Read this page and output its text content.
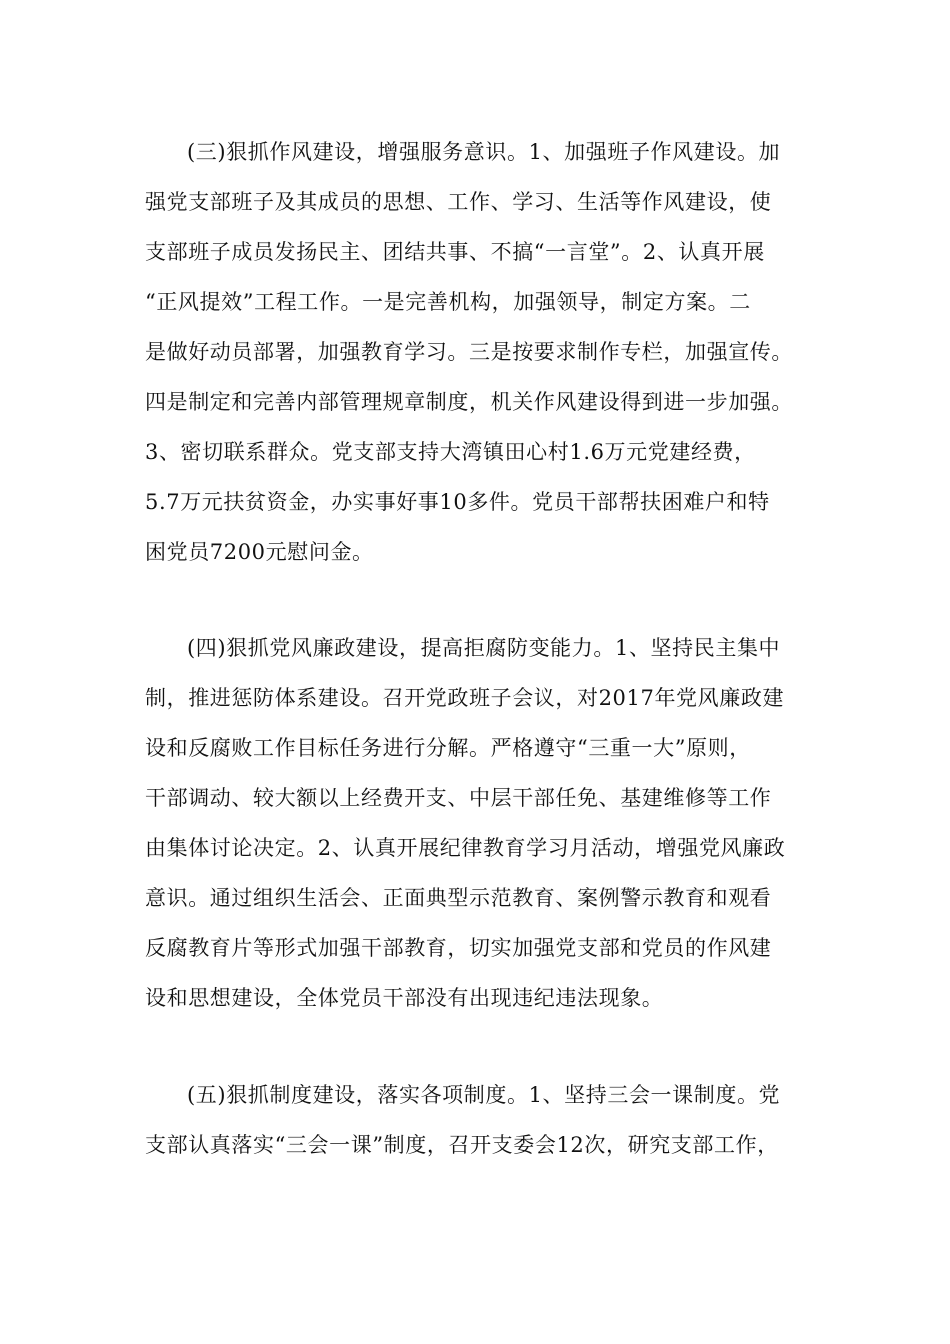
(三)狠抓作风建设，增强服务意识。1、加强班子作风建设。加
强党支部班子及其成员的思想、工作、学习、生活等作风建设，使
支部班子成员发扬民主、团结共事、不搞“一言堂”。2、认真开展
“正风提效”工程工作。一是完善机构，加强领导，制定方案。二
是做好动员部署，加强教育学习。三是按要求制作专栏，加强宣传。
四是制定和完善内部管理规章制度，机关作风建设得到进一步加强。
3、密切联系群众。党支部支持大湾镇田心村1.6万元党建经费，
5.7万元扶贫资金，办实事好事10多件。党员干部帮扶困难户和特
困党员7200元慰问金。
(四)狠抓党风廉政建设，提高拒腐防变能力。1、坚持民主集中
制，推进惩防体系建设。召开党政班子会议，对2017年党风廉政建
设和反腐败工作目标任务进行分解。严格遵守“三重一大”原则，
干部调动、较大额以上经费开支、中层干部任免、基建维修等工作
由集体讨论决定。2、认真开展纪律教育学习月活动，增强党风廉政
意识。通过组织生活会、正面典型示范教育、案例警示教育和观看
反腐教育片等形式加强干部教育，切实加强党支部和党员的作风建
设和思想建设，全体党员干部没有出现违纪违法现象。
(五)狠抓制度建设，落实各项制度。1、坚持三会一课制度。党
支部认真落实“三会一课”制度，召开支委会12次，研究支部工作，
